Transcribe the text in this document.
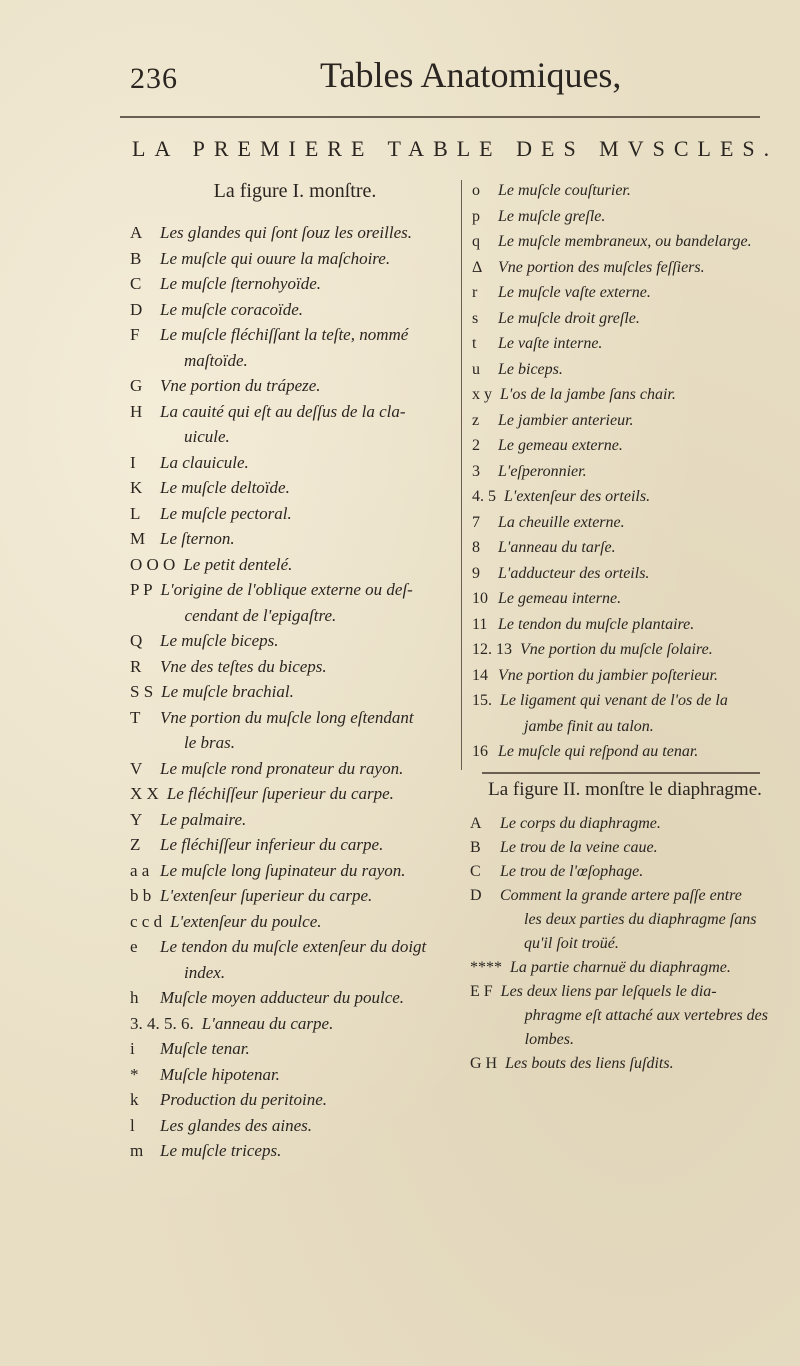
236	Tables Anatomiques,
LA PREMIERE TABLE DES MVSCLES.
La figure I. monſtre.
A	Les glandes qui ſont ſouz les oreilles.
B	Le muſcle qui ouure la maſchoire.
C	Le muſcle ſternohyoïde.
D	Le muſcle coracoïde.
F	Le muſcle fléchiſſant la teſte, nommé
maſtoïde.
G	Vne portion du trápeze.
H	La cauité qui eſt au deſſus de la cla-
uicule.
I	La clauicule.
K	Le muſcle deltoïde.
L	Le muſcle pectoral.
M Le ſternon.
O O O Le petit dentelé.
P P L'origine de l'oblique externe ou deſ-
cendant de l'epigaſtre.
Q	Le muſcle biceps.
R	Vne des teſtes du biceps.
S S Le muſcle brachial.
T	Vne portion du muſcle long eſtendant
le bras.
V	Le muſcle rond pronateur du rayon.
X X Le fléchiſſeur ſuperieur du carpe.
Y	Le palmaire.
Z	Le fléchiſſeur inferieur du carpe.
a a Le muſcle long ſupinateur du rayon.
b b L'extenſeur ſuperieur du carpe.
c c d L'extenſeur du poulce.
e	Le tendon du muſcle extenſeur du doigt
index.
h	Muſcle moyen adducteur du poulce.
3. 4. 5. 6. L'anneau du carpe.
i	Muſcle tenar.
*	Muſcle hipotenar.
k	Production du peritoine.
l	Les glandes des aines.
m Le muſcle triceps.
o	Le muſcle couſturier.
p	Le muſcle greſle.
q	Le muſcle membraneux, ou bandelarge.
Δ Vne portion des muſcles feſſiers.
r	Le muſcle vaſte externe.
s	Le muſcle droit greſle.
t	Le vaſte interne.
u	Le biceps.
x y L'os de la jambe ſans chair.
z	Le jambier anterieur.
2	Le gemeau externe.
3	L'eſperonnier.
4. 5 L'extenſeur des orteils.
7	La cheuille externe.
8	L'anneau du tarſe.
9	L'adducteur des orteils.
10 Le gemeau interne.
11 Le tendon du muſcle plantaire.
12. 13 Vne portion du muſcle ſolaire.
14 Vne portion du jambier poſterieur.
15. Le ligament qui venant de l'os de la
jambe finit au talon.
16 Le muſcle qui reſpond au tenar.
La figure II. monſtre le diaphragme.
A	Le corps du diaphragme.
B	Le trou de la veine caue.
C	Le trou de l'œſophage.
D	Comment la grande artere paſſe entre
les deux parties du diaphragme ſans qu'il ſoit troüé.
**** La partie charnuë du diaphragme.
E F Les deux liens par leſquels le dia-
phragme eſt attaché aux vertebres des lombes.
G H Les bouts des liens ſuſdits.
